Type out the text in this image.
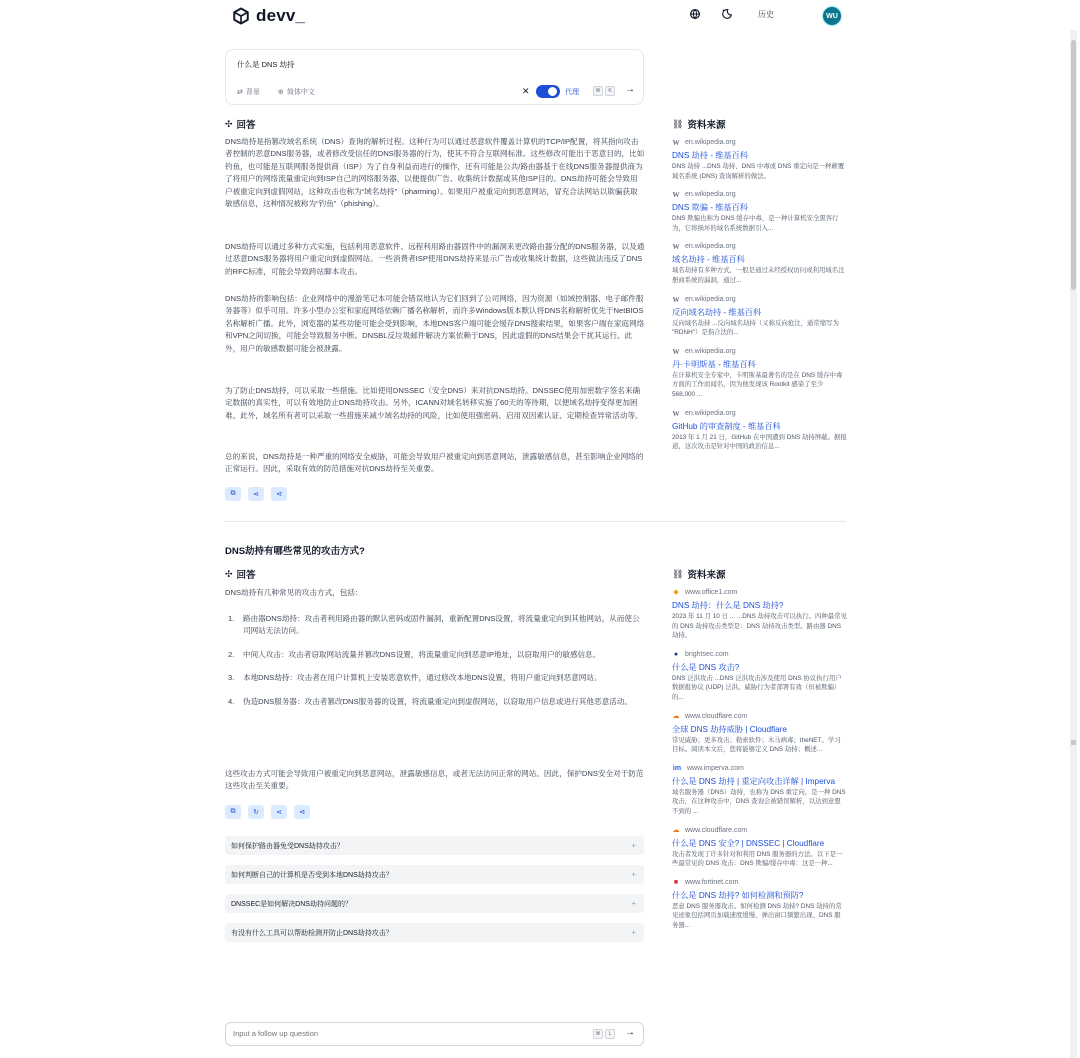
devv_	历史	WU
什么是 DNS 劫持
⇄ 背景	⊕ 简体中文	✕	代理	⌘	K	→
✣ 回答

DNS劫持是指篡改域名系统（DNS）查询的解析过程。这种行为可以通过恶意软件覆盖计算机的TCP/IP配置，将其指向攻击者控制的恶意DNS服务器，或者修改受信任的DNS服务器的行为，使其不符合互联网标准。这些修改可能出于恶意目的，比如钓鱼，也可能是互联网服务提供商（ISP）为了自身利益而进行的操作，还有可能是公共/路由器基于在线DNS服务器提供商为了将用户的网络流量重定向到ISP自己的网络服务器，以便提供广告、收集统计数据或其他ISP目的。DNS劫持可能会导致用户被重定向到虚假网站，这种攻击也称为“域名劫持”（pharming）。如果用户被重定向到恶意网站，冒充合法网站以欺骗获取敏感信息，这种情况被称为“钓鱼”（phishing）。

DNS劫持可以通过多种方式实施，包括利用恶意软件、远程利用路由器固件中的漏洞来更改路由器分配的DNS服务器，以及通过恶意DNS服务器将用户重定向到虚假网站。一些消费者ISP使用DNS劫持来显示广告或收集统计数据，这些做法违反了DNS的RFC标准，可能会导致跨站脚本攻击。

DNS劫持的影响包括：企业网络中的漫游笔记本可能会错误地认为它们回到了公司网络，因为资源（如域控制器、电子邮件服务器等）似乎可用。许多小型办公室和家庭网络依赖广播名称解析，而许多Windows版本默认将DNS名称解析优先于NetBIOS名称解析广播。此外，浏览器的某些功能可能会受到影响，本地DNS客户端可能会缓存DNS搜索结果，如果客户端在家庭网络和VPN之间切换，可能会导致服务中断。DNSBL反垃圾邮件解决方案依赖于DNS，因此虚假的DNS结果会干扰其运行。此外，用户的敏感数据可能会被泄露。

为了防止DNS劫持，可以采取一些措施。比如使用DNSSEC（安全DNS）来对抗DNS劫持。DNSSEC使用加密数字签名来确定数据的真实性，可以有效地防止DNS劫持攻击。另外，ICANN对域名转移实施了60天的等待期，以便域名劫持变得更加困难。此外，域名所有者可以采取一些措施来减少域名劫持的风险，比如使用强密码、启用双因素认证、定期检查异常活动等。

总的来说，DNS劫持是一种严重的网络安全威胁，可能会导致用户被重定向到恶意网站，泄露敏感信息，甚至影响企业网络的正常运行。因此，采取有效的防范措施对抗DNS劫持至关重要。

⧉	⋖	⊲
⛓ 资料来源
W en.wikipedia.org
DNS 劫持 - 维基百科
DNS 劫持 ...DNS 劫持、DNS 中毒或 DNS 重定向是一种颠覆域名系统 (DNS) 查询解析的做法。
W en.wikipedia.org
DNS 欺骗 - 维基百科
DNS 欺骗也称为 DNS 缓存中毒，是一种计算机安全黑客行为，它将损坏的域名系统数据引入...
W en.wikipedia.org
域名劫持 - 维基百科
域名劫持有多种方式，一般是通过未经授权访问或利用域名注册商系统的漏洞，通过...
W en.wikipedia.org
反向域名劫持 - 维基百科
反向域名劫持 ...反向域名劫持（又称反向抢注，通常缩写为 "RDNH"）是指合法的...
W en.wikipedia.org
丹·卡明斯基 - 维基百科
在计算机安全专家中，卡明斯基最著名的是在 DNS 缓存中毒方面的工作而闻名，因为他发现该 Rootkit 感染了至少 568,000 ...
W en.wikipedia.org
GitHub 的审查制度 - 维基百科
2013 年 1 月 21 日，GitHub 在中国遭到 DNS 劫持屏蔽。据报道，这次攻击是针对中国的政治信息...
DNS劫持有哪些常见的攻击方式?
✣ 回答

DNS劫持有几种常见的攻击方式，包括：

1.	路由器DNS劫持：攻击者利用路由器的默认密码或固件漏洞，重新配置DNS设置，将流量重定向到其他网站，从而使公司网站无法访问。
2.	中间人攻击：攻击者窃取网站流量并篡改DNS设置，将流量重定向到恶意IP地址，以窃取用户的敏感信息。
3.	本地DNS劫持：攻击者在用户计算机上安装恶意软件，通过修改本地DNS设置，将用户重定向到恶意网站。
4.	伪造DNS服务器：攻击者篡改DNS服务器的设置，将流量重定向到虚假网站，以窃取用户信息或进行其他恶意活动。

这些攻击方式可能会导致用户被重定向到恶意网站，泄露敏感信息，或者无法访问正常的网站。因此，保护DNS安全对于防范这些攻击至关重要。

⧉	↻	⋖	⊲
如何保护路由器免受DNS劫持攻击？	+
如何判断自己的计算机是否受到本地DNS劫持攻击？	+
DNSSEC是如何解决DNS劫持问题的？	+
有没有什么工具可以帮助检测并防止DNS劫持攻击？	+
⛓ 资料来源
◆ www.office1.com
DNS 劫持：什么是 DNS 劫持?
2023 年 11 月 10 日 ... ...DNS 劫持攻击可以执行。四种最常见的 DNS 劫持攻击类型是：DNS 劫持攻击类型。路由器 DNS 劫持。
● brightsec.com
什么是 DNS 攻击?
DNS 泛洪攻击 ...DNS 泛洪攻击涉及使用 DNS 协议执行用户数据报协议 (UDP) 泛洪。威胁行为者部署有效（但被欺骗）的...
☁ www.cloudflare.com
全球 DNS 劫持威胁 | Cloudflare
常见威胁；更多攻击；勒索软件；木马病毒；theNET。学习目标。阅读本文后，您将能够定义 DNS 劫持；概述...
im www.imperva.com
什么是 DNS 劫持 | 重定向攻击详解 | Imperva
域名服务器（DNS）劫持，也称为 DNS 重定向，是一种 DNS 攻击，在这种攻击中，DNS 查询会被错误解析，以达到意想不到的 ...
☁ www.cloudflare.com
什么是 DNS 安全? | DNSSEC | Cloudflare
攻击者发现了许多针对和利用 DNS 服务器的方法。以下是一些最常见的 DNS 攻击：DNS 欺骗/缓存中毒：这是一种...
■ www.fortinet.com
什么是 DNS 劫持? 如何检测和预防?
恶意 DNS 服务器攻击。如何检测 DNS 劫持? DNS 劫持的常见迹象包括网页加载速度缓慢、弹出窗口频繁出现、DNS 服务器...
Input a follow up question
⌘	L	→
